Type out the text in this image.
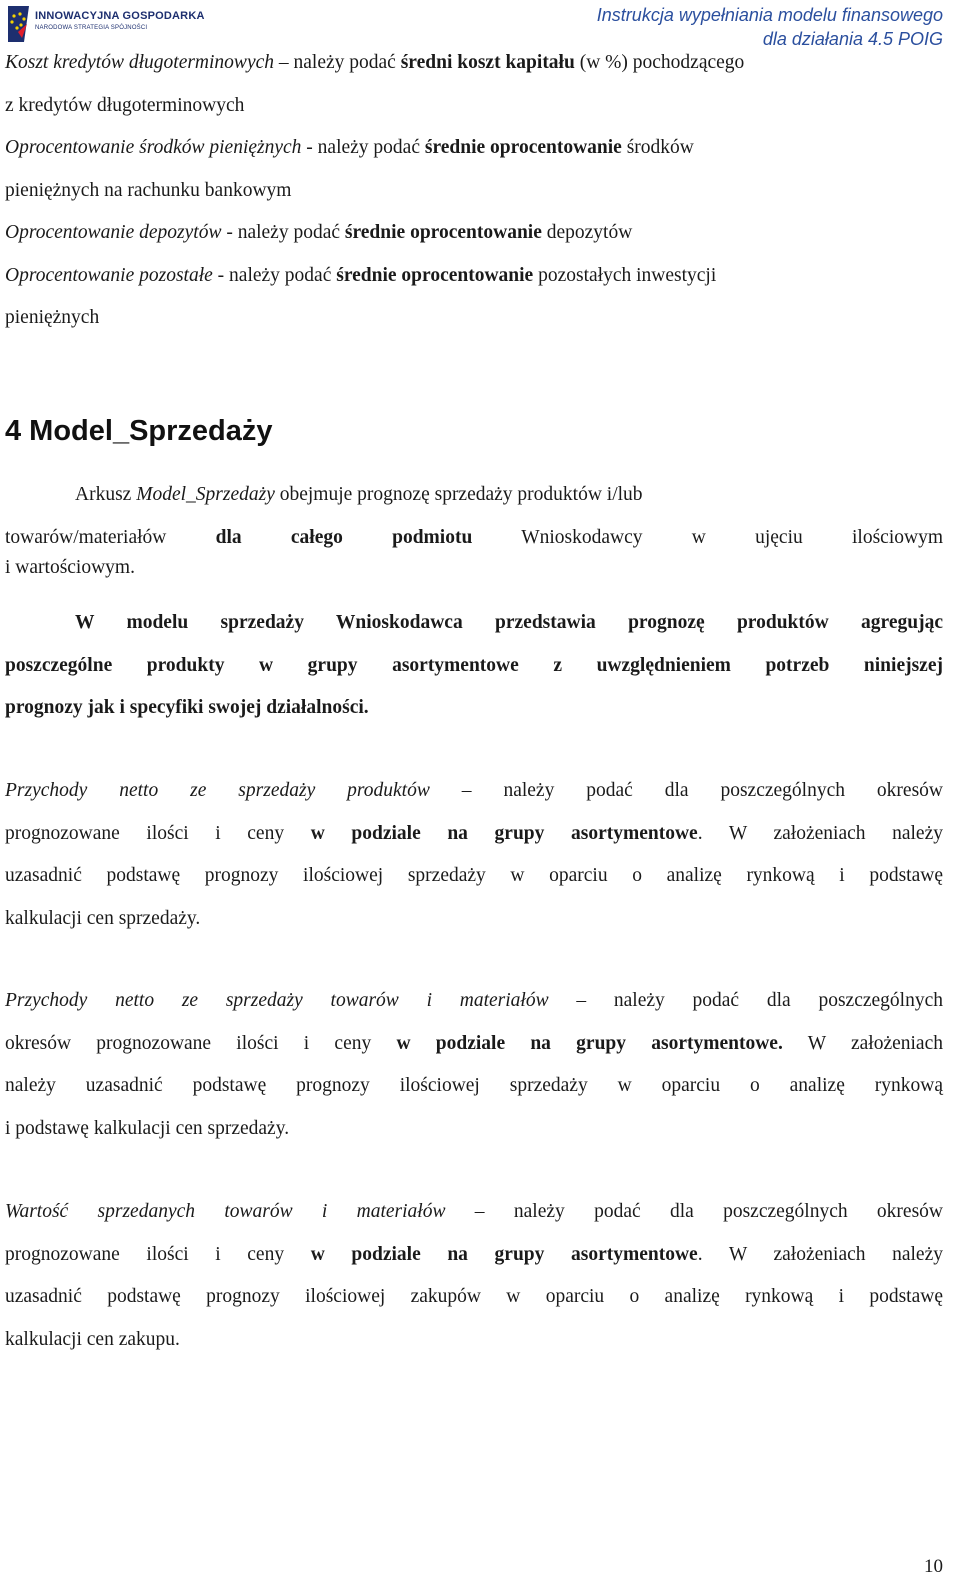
INNOWACYJNA GOSPODARKA
NARODOWA STRATEGIA SPÓJNOŚCI
Instrukcja wypełniania modelu finansowego
dla działania 4.5 POIG
Koszt kredytów długoterminowych – należy podać średni koszt kapitału (w %) pochodzącego
z kredytów długoterminowych
Oprocentowanie środków pieniężnych - należy podać średnie oprocentowanie środków
pieniężnych na rachunku bankowym
Oprocentowanie depozytów - należy podać średnie oprocentowanie depozytów
Oprocentowanie pozostałe - należy podać średnie oprocentowanie pozostałych inwestycji
pieniężnych
4 Model_Sprzedaży
Arkusz Model_Sprzedaży obejmuje prognozę sprzedaży produktów i/lub
towarów/materiałów dla całego podmiotu Wnioskodawcy w ujęciu ilościowym
i wartościowym.
W modelu sprzedaży Wnioskodawca przedstawia prognozę produktów agregując
poszczególne produkty w grupy asortymentowe z uwzględnieniem potrzeb niniejszej
prognozy jak i specyfiki swojej działalności.
Przychody netto ze sprzedaży produktów – należy podać dla poszczególnych okresów
prognozowane ilości i ceny w podziale na grupy asortymentowe. W założeniach należy
uzasadnić podstawę prognozy ilościowej sprzedaży w oparciu o analizę rynkową i podstawę
kalkulacji cen sprzedaży.
Przychody netto ze sprzedaży towarów i materiałów – należy podać dla poszczególnych
okresów prognozowane ilości i ceny w podziale na grupy asortymentowe. W założeniach
należy uzasadnić podstawę prognozy ilościowej sprzedaży w oparciu o analizę rynkową
i podstawę kalkulacji cen sprzedaży.
Wartość sprzedanych towarów i materiałów – należy podać dla poszczególnych okresów
prognozowane ilości i ceny w podziale na grupy asortymentowe. W założeniach należy
uzasadnić podstawę prognozy ilościowej zakupów w oparciu o analizę rynkową i podstawę
kalkulacji cen zakupu.
10
